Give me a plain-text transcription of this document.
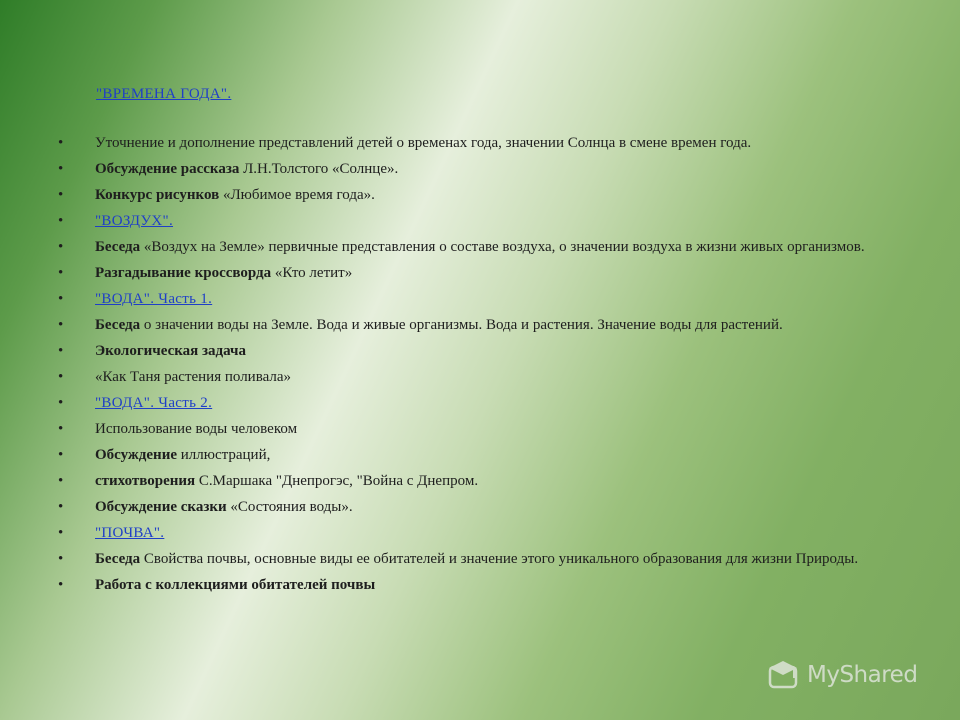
"ВРЕМЕНА ГОДА".
• Уточнение и дополнение представлений детей о временах года, значении Солнца в смене времен года.
• Обсуждение рассказа Л.Н.Толстого «Солнце».
• Конкурс рисунков «Любимое время года».
• "ВОЗДУХ".
• Беседа «Воздух на Земле» первичные представления о составе воздуха, о значении воздуха в жизни живых организмов.
• Разгадывание кроссворда «Кто летит»
• "ВОДА". Часть 1.
• Беседа о значении воды на Земле. Вода и живые организмы. Вода и растения. Значение воды для растений.
• Экологическая задача
• «Как Таня растения поливала»
• "ВОДА". Часть 2.
• Использование воды человеком
• Обсуждение иллюстраций,
• стихотворения С.Маршака "Днепрогэс, "Война с Днепром.
• Обсуждение сказки «Состояния воды».
• "ПОЧВА".
• Беседа Свойства почвы, основные виды ее обитателей и значение этого уникального образования для жизни Природы.
• Работа с коллекциями обитателей почвы
MyShared
